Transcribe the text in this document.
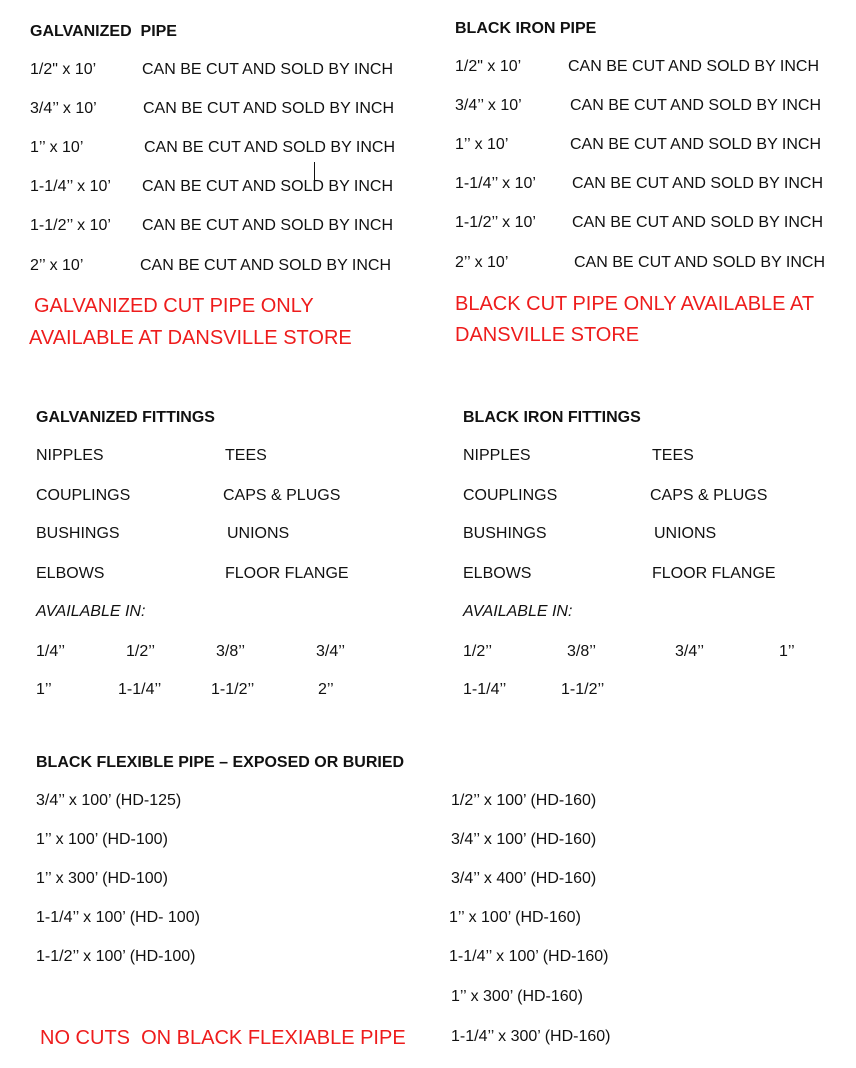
GALVANIZED  PIPE
1/2" x 10’	CAN BE CUT AND SOLD BY INCH
3/4’’ x 10’	CAN BE CUT AND SOLD BY INCH
1’’ x 10’	CAN BE CUT AND SOLD BY INCH
1-1/4’’ x 10’ CAN BE CUT AND SOLD BY INCH
1-1/2’’ x 10’ CAN BE CUT AND SOLD BY INCH
2’’ x 10’	CAN BE CUT AND SOLD BY INCH
GALVANIZED CUT PIPE ONLY
AVAILABLE AT DANSVILLE STORE
BLACK IRON PIPE
1/2" x 10’	CAN BE CUT AND SOLD BY INCH
3/4’’ x 10’	CAN BE CUT AND SOLD BY INCH
1’’ x 10’	CAN BE CUT AND SOLD BY INCH
1-1/4’’ x 10’ CAN BE CUT AND SOLD BY INCH
1-1/2’’ x 10’ CAN BE CUT AND SOLD BY INCH
2’’ x 10’	CAN BE CUT AND SOLD BY INCH
BLACK CUT PIPE ONLY AVAILABLE AT
DANSVILLE STORE
GALVANIZED FITTINGS
NIPPLES	TEES
COUPLINGS	CAPS & PLUGS
BUSHINGS	UNIONS
ELBOWS	FLOOR FLANGE
AVAILABLE IN:
1/4’’	1/2’’	3/8’’	3/4’’
1’’	1-1/4’’	1-1/2’’	2’’
BLACK IRON FITTINGS
NIPPLES	TEES
COUPLINGS	CAPS & PLUGS
BUSHINGS	UNIONS
ELBOWS	FLOOR FLANGE
AVAILABLE IN:
1/2’’	3/8’’	3/4’’	1’’
1-1/4’’	1-1/2’’
BLACK FLEXIBLE PIPE – EXPOSED OR BURIED
3/4’’ x 100’ (HD-125)
1’’ x 100’ (HD-100)
1’’ x 300’ (HD-100)
1-1/4’’ x 100’ (HD- 100)
1-1/2’’ x 100’ (HD-100)
1/2’’ x 100’ (HD-160)
3/4’’ x 100’ (HD-160)
3/4’’ x 400’ (HD-160)
1’’ x 100’ (HD-160)
1-1/4’’ x 100’ (HD-160)
1’’ x 300’ (HD-160)
1-1/4’’ x 300’ (HD-160)
NO CUTS  ON BLACK FLEXIABLE PIPE
